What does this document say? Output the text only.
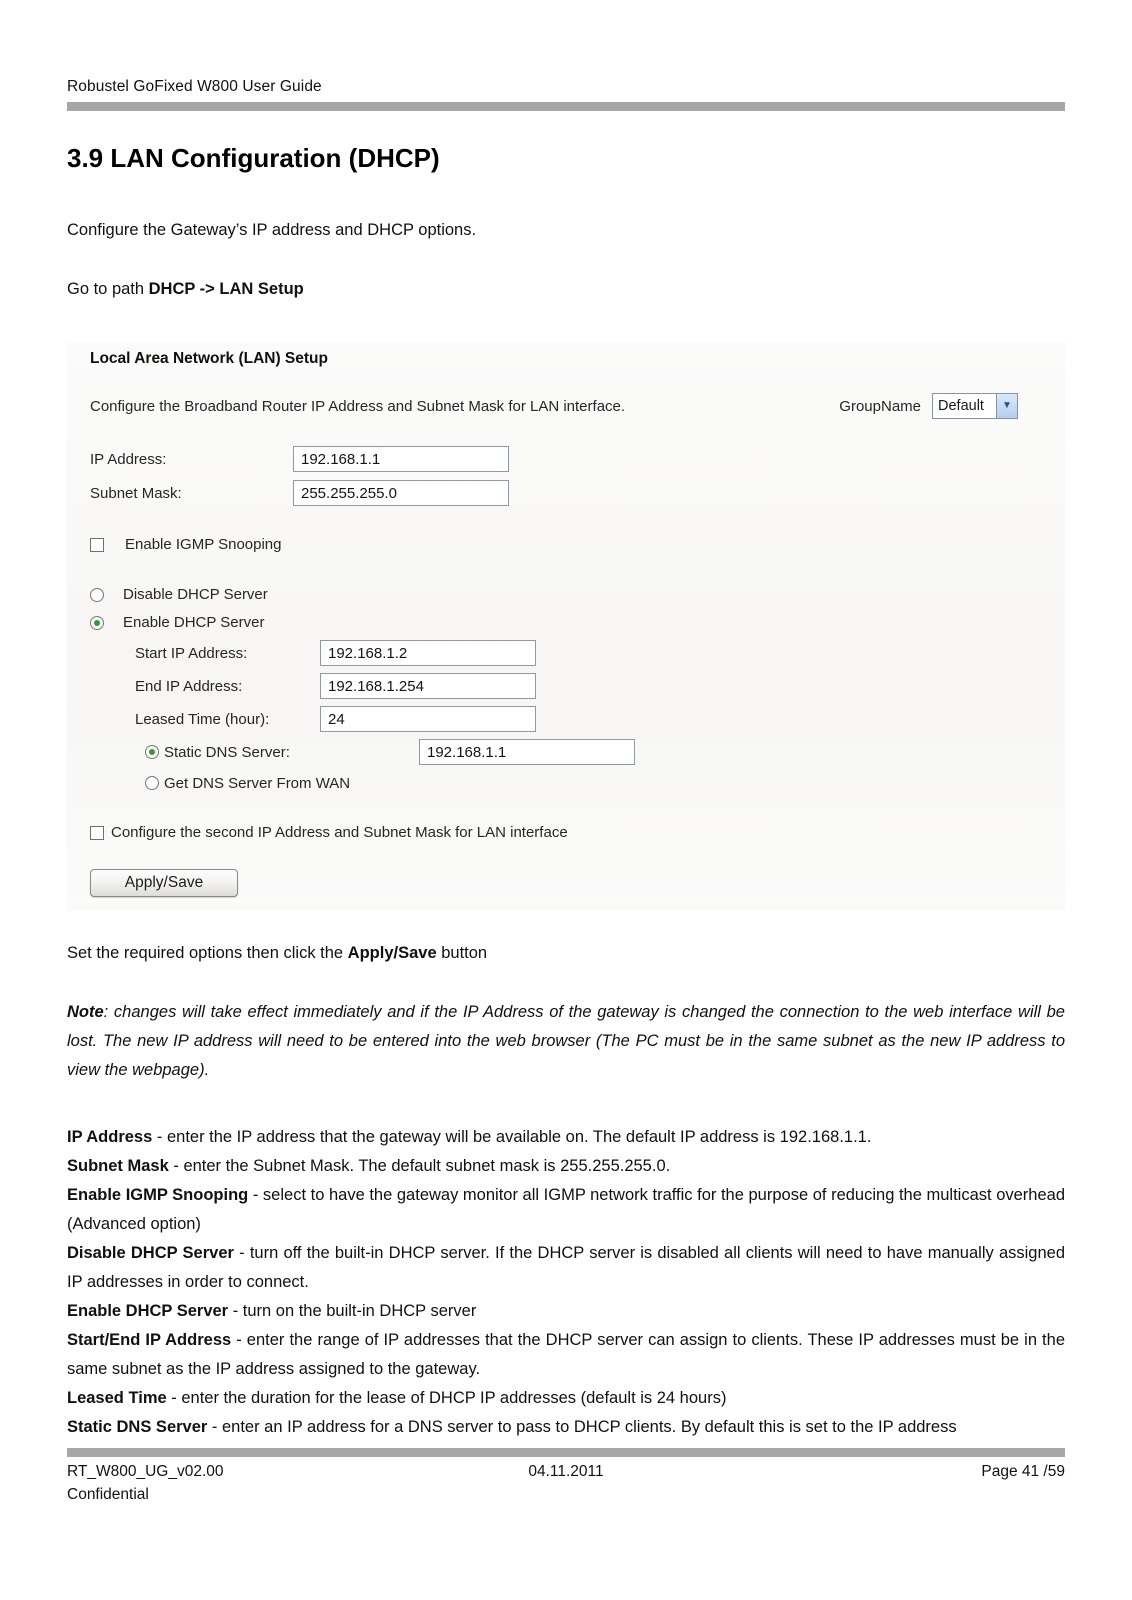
Robustel GoFixed W800 User Guide
3.9 LAN Configuration (DHCP)

Configure the Gateway’s IP address and DHCP options.

Go to path DHCP -> LAN Setup

Local Area Network (LAN) Setup
Configure the Broadband Router IP Address and Subnet Mask for LAN interface.	GroupName	Default	▼
IP Address:
192.168.1.1
Subnet Mask:
255.255.255.0
Enable IGMP Snooping
Disable DHCP Server
Enable DHCP Server
Start IP Address:
192.168.1.2
End IP Address:
192.168.1.254
Leased Time (hour):
24
Static DNS Server:
192.168.1.1
Get DNS Server From WAN
Configure the second IP Address and Subnet Mask for LAN interface
Apply/Save

Set the required options then click the Apply/Save button

Note: changes will take effect immediately and if the IP Address of the gateway is changed the connection to the web interface will be lost. The new IP address will need to be entered into the web browser (The PC must be in the same subnet as the new IP address to view the webpage).

IP Address - enter the IP address that the gateway will be available on. The default IP address is 192.168.1.1.

Subnet Mask - enter the Subnet Mask. The default subnet mask is 255.255.255.0.

Enable IGMP Snooping - select to have the gateway monitor all IGMP network traffic for the purpose of reducing the multicast overhead (Advanced option)

Disable DHCP Server - turn off the built-in DHCP server. If the DHCP server is disabled all clients will need to have manually assigned IP addresses in order to connect.

Enable DHCP Server - turn on the built-in DHCP server

Start/End IP Address - enter the range of IP addresses that the DHCP server can assign to clients. These IP addresses must be in the same subnet as the IP address assigned to the gateway.

Leased Time - enter the duration for the lease of DHCP IP addresses (default is 24 hours)

Static DNS Server - enter an IP address for a DNS server to pass to DHCP clients. By default this is set to the IP address

RT_W800_UG_v02.00	04.11.2011	Page 41 /59
Confidential
